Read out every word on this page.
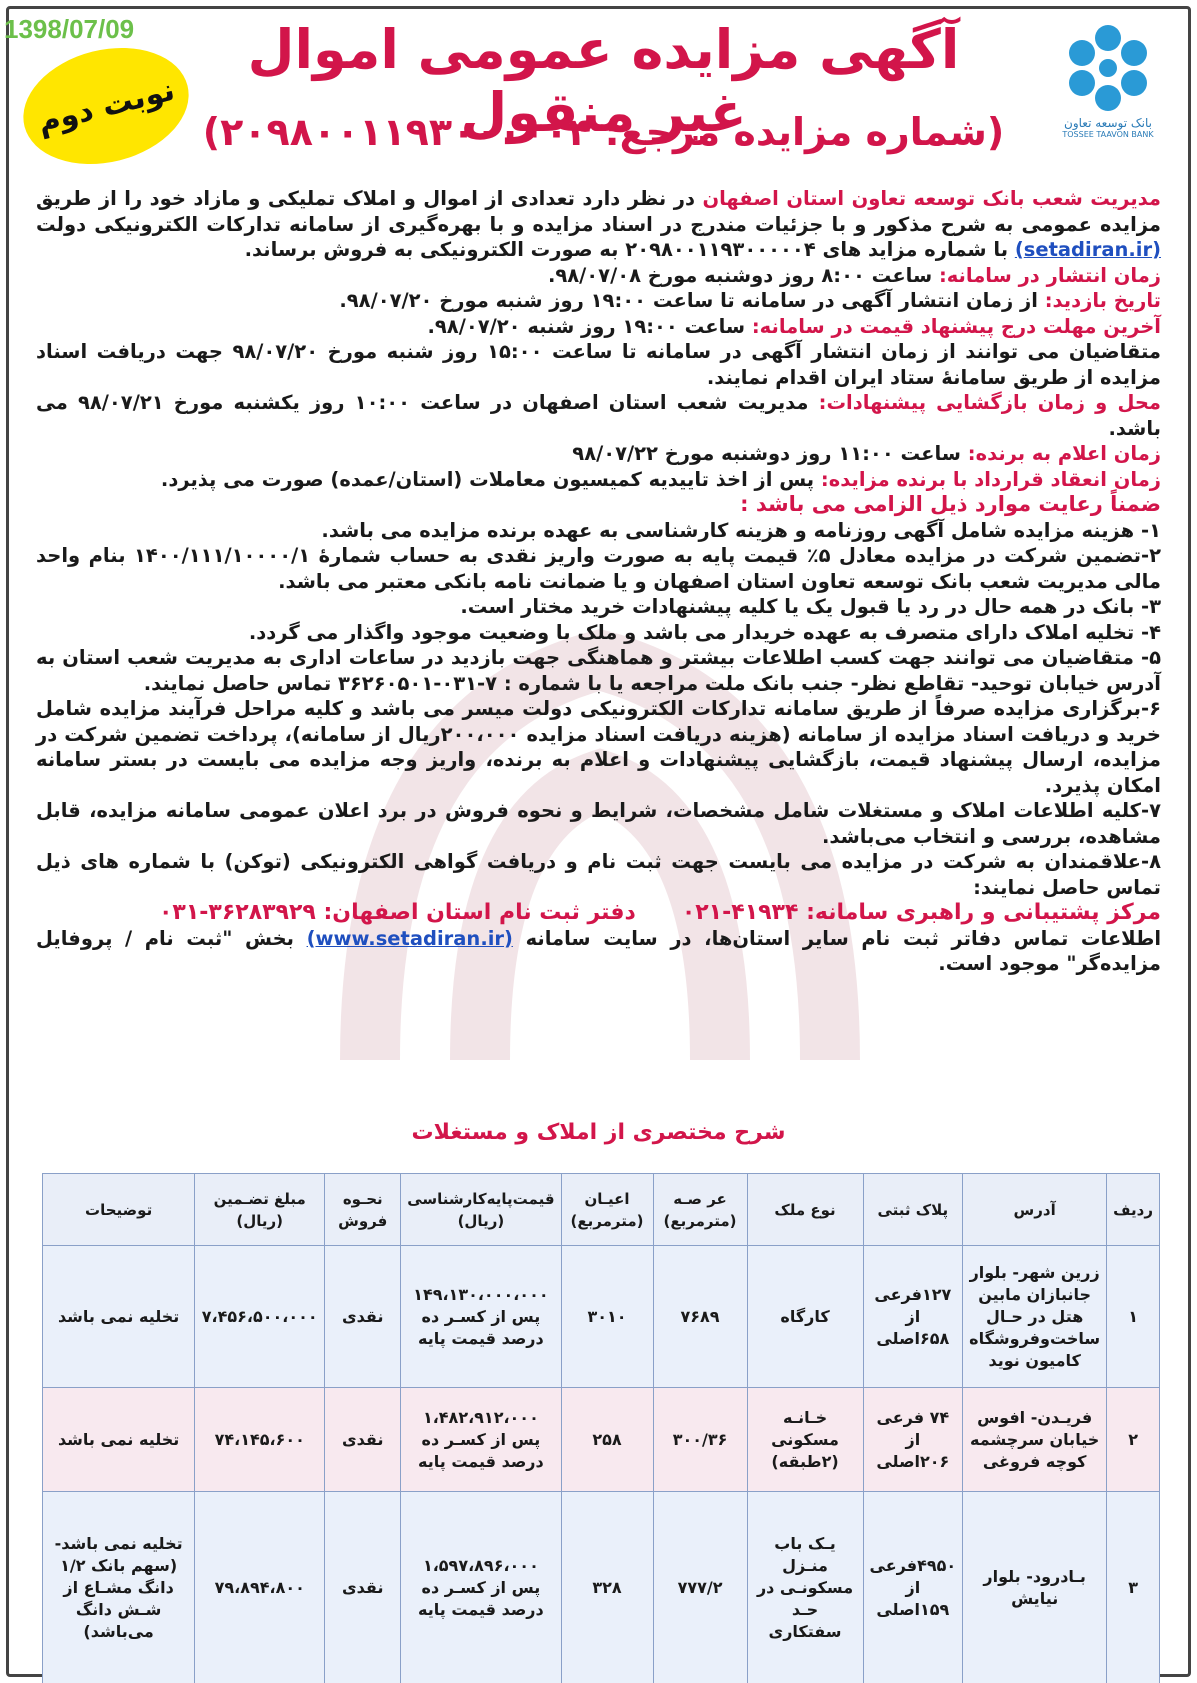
1398/07/09
نوبت دوم	بانک توسعه تعاون
TOSSEE TAAVON BANK
آگهی مزایده عمومی اموال غیر منقول
(شماره مزایده مرجع: ۲۰۹۸۰۰۱۱۹۳۰۰۰۰۰۴)

مدیریت شعب بانک توسعه تعاون استان اصفهان در نظر دارد تعدادی از اموال و املاک تملیکی و مازاد خود را از طریق مزایده عمومی به شرح مذکور و با جزئیات مندرج در اسناد مزایده و با بهره‌گیری از سامانه تدارکات الکترونیکی دولت (setadiran.ir) با شماره مزاید های ۲۰۹۸۰۰۱۱۹۳۰۰۰۰۰۴ به صورت الکترونیکی به فروش برساند.

زمان انتشار در سامانه: ساعت ۸:۰۰ روز دوشنبه مورخ ۹۸/۰۷/۰۸.

تاریخ بازدید: از زمان انتشار آگهی در سامانه تا ساعت ۱۹:۰۰ روز شنبه مورخ ۹۸/۰۷/۲۰.

آخرین مهلت درج پیشنهاد قیمت در سامانه: ساعت ۱۹:۰۰ روز شنبه ۹۸/۰۷/۲۰.

متقاضیان می توانند از زمان انتشار آگهی در سامانه تا ساعت ۱۵:۰۰ روز شنبه مورخ ۹۸/۰۷/۲۰ جهت دریافت اسناد مزایده از طریق سامانهٔ ستاد ایران اقدام نمایند.

محل و زمان بازگشایی پیشنهادات: مدیریت شعب استان اصفهان در ساعت ۱۰:۰۰ روز یکشنبه مورخ ۹۸/۰۷/۲۱ می باشد.

زمان اعلام به برنده: ساعت ۱۱:۰۰ روز دوشنبه مورخ ۹۸/۰۷/۲۲

زمان انعقاد قرارداد با برنده مزایده: پس از اخذ تاییدیه کمیسیون معاملات (استان/عمده) صورت می پذیرد.

ضمناً رعایت موارد ذیل الزامی می باشد :

۱- هزینه مزایده شامل آگهی روزنامه و هزینه کارشناسی به عهده برنده مزایده می باشد.

۲-تضمین شرکت در مزایده معادل ۵٪ قیمت پایه به صورت واریز نقدی به حساب شمارهٔ ۱۴۰۰/۱۱۱/۱۰۰۰۰/۱ بنام واحد مالی مدیریت شعب بانک توسعه تعاون استان اصفهان و یا ضمانت نامه بانکی معتبر می باشد.

۳- بانک در همه حال در رد یا قبول یک یا کلیه پیشنهادات خرید مختار است.

۴- تخلیه املاک دارای متصرف به عهده خریدار می باشد و ملک با وضعیت موجود واگذار می گردد.

۵- متقاضیان می توانند جهت کسب اطلاعات بیشتر و هماهنگی جهت بازدید در ساعات اداری به مدیریت شعب استان به آدرس خیابان توحید- تقاطع نظر- جنب بانک ملت مراجعه یا با شماره : ۷-۰۳۱-۳۶۲۶۰۵۰۱ تماس حاصل نمایند.

۶-برگزاری مزایده صرفاً از طریق سامانه تدارکات الکترونیکی دولت میسر می باشد و کلیه مراحل فرآیند مزایده شامل خرید و دریافت اسناد مزایده از سامانه (هزینه دریافت اسناد مزایده ۲۰۰،۰۰۰ریال از سامانه)، پرداخت تضمین شرکت در مزایده، ارسال پیشنهاد قیمت، بازگشایی پیشنهادات و اعلام به برنده، واریز وجه مزایده می بایست در بستر سامانه امکان پذیرد.

۷-کلیه اطلاعات املاک و مستغلات شامل مشخصات، شرایط و نحوه فروش در برد اعلان عمومی سامانه مزایده، قابل مشاهده، بررسی و انتخاب می‌باشد.

۸-علاقمندان به شرکت در مزایده می بایست جهت ثبت نام و دریافت گواهی الکترونیکی (توکن) با شماره های ذیل تماس حاصل نمایند:

مرکز پشتیبانی و راهبری سامانه: ۴۱۹۳۴-۰۲۱      دفتر ثبت نام استان اصفهان: ۳۶۲۸۳۹۲۹-۰۳۱

اطلاعات تماس دفاتر ثبت نام سایر استان‌ها، در سایت سامانه (www.setadiran.ir) بخش "ثبت نام / پروفایل مزایده‌گر" موجود است.

شرح مختصری از املاک و مستغلات
ردیف	آدرس	پلاک ثبتی	نوع ملک	عر صـه (مترمربع)	اعیـان (مترمربع)	قیمت‌پایه‌کارشناسی (ریال)	نحـوه فروش	مبلغ تضـمین (ریال)	توضیحات
۱	زرین شهر- بلوار جانبازان مابین هتل در حـال ساخت‌و‌فروشگاه کامیون نوید	۱۲۷فرعی از ۶۵۸اصلی	کارگاه	۷۶۸۹	۳۰۱۰	۱۴۹،۱۳۰،۰۰۰،۰۰۰ پس از کسـر ده درصد قیمت پایه	نقدی	۷،۴۵۶،۵۰۰،۰۰۰	تخلیه نمی باشد
۲	فریـدن- افوس خیابان سرچشمه کوچه فروغی	۷۴ فرعی از ۲۰۶اصلی	خـانـه مسکونی (۲طبقه)	۳۰۰/۳۶	۲۵۸	۱،۴۸۲،۹۱۲،۰۰۰ پس از کسـر ده درصد قیمت پایه	نقدی	۷۴،۱۴۵،۶۰۰	تخلیه نمی باشد
۳	بـادرود- بلوار نیایش	۴۹۵۰فرعی از ۱۵۹اصلی	یـک باب منـزل مسکونـی در حـد سفتکاری	۷۷۷/۲	۳۲۸	۱،۵۹۷،۸۹۶،۰۰۰ پس از کسـر ده درصد قیمت پایه	نقدی	۷۹،۸۹۴،۸۰۰	تخلیه نمی باشد- (سهم بانک ۱/۲ دانگ مشـاع از شـش دانگ می‌باشد)
